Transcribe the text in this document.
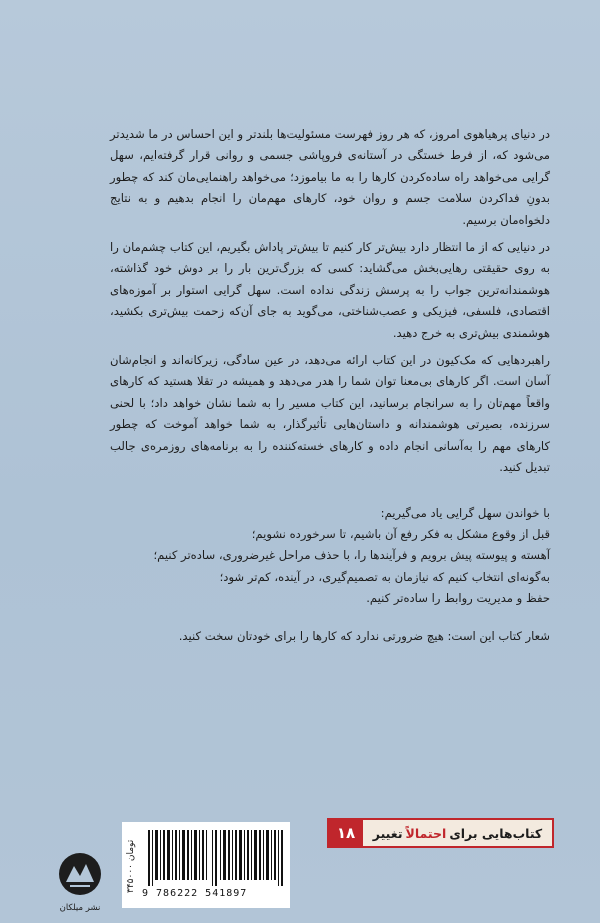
در دنیای پرهیاهوی امروز، که هر روز فهرست مسئولیت‌ها بلندتر و این احساس در ما شدیدتر می‌شود که، از فرط خستگی در آستانه‌ی فروپاشی جسمی و روانی قرار گرفته‌ایم، سهل گرایی می‌خواهد راه ساده‌کردن کارها را به ما بیاموزد؛ می‌خواهد راهنمایی‌مان کند که چطور بدونِ فداکردن سلامت جسم و روان خود، کارهای مهم‌مان را انجام بدهیم و به نتایج دلخواه‌مان برسیم.

در دنیایی که از ما انتظار دارد بیش‌تر کار کنیم تا بیش‌تر پاداش بگیریم، این کتاب چشم‌مان را به روی حقیقتی رهایی‌بخش می‌گشاید: کسی که بزرگ‌ترین بار را بر دوش خود گذاشته، هوشمندانه‌ترین جواب را به پرسش زندگی نداده است. سهل گرایی استوار بر آموزه‌های اقتصادی، فلسفی، فیزیکی و عصب‌شناختی، می‌گوید به جای آن‌که زحمت بیش‌تری بکشید، هوشمندی بیش‌تری به خرج دهید.

راهبردهایی که مک‌کیون در این کتاب ارائه می‌دهد، در عین سادگی، زیرکانه‌اند و انجام‌شان آسان است. اگر کارهای بی‌معنا توان شما را هدر می‌دهد و همیشه در تقلا هستید که کارهای واقعاً مهم‌تان را به سرانجام برسانید، این کتاب مسیر را به شما نشان خواهد داد؛ با لحنی سرزنده، بصیرتی هوشمندانه و داستان‌هایی تأثیرگذار، به شما خواهد آموخت که چطور کارهای مهم را به‌آسانی انجام داده و کارهای خسته‌کننده را به برنامه‌های روزمره‌ی جالب تبدیل کنید.

با خواندن سهل گرایی یاد می‌گیریم:

قبل از وقوع مشکل به فکر رفع آن باشیم، تا سرخورده نشویم؛

آهسته و پیوسته پیش برویم و فرآیندها را، با حذف مراحل غیرضروری، ساده‌تر کنیم؛

به‌گونه‌ای انتخاب کنیم که نیازمان به تصمیم‌گیری، در آینده، کم‌تر شود؛

حفظ و مدیریت روابط را ساده‌تر کنیم.

شعار کتاب این است: هیچ ضرورتی ندارد که کارها را برای خودتان سخت کنید.

کتاب‌هایی برای
احتمالاً
تغییر
۱۸
۳۴۵۰۰۰ تومان
9 786222 541897
نشر میلکان
